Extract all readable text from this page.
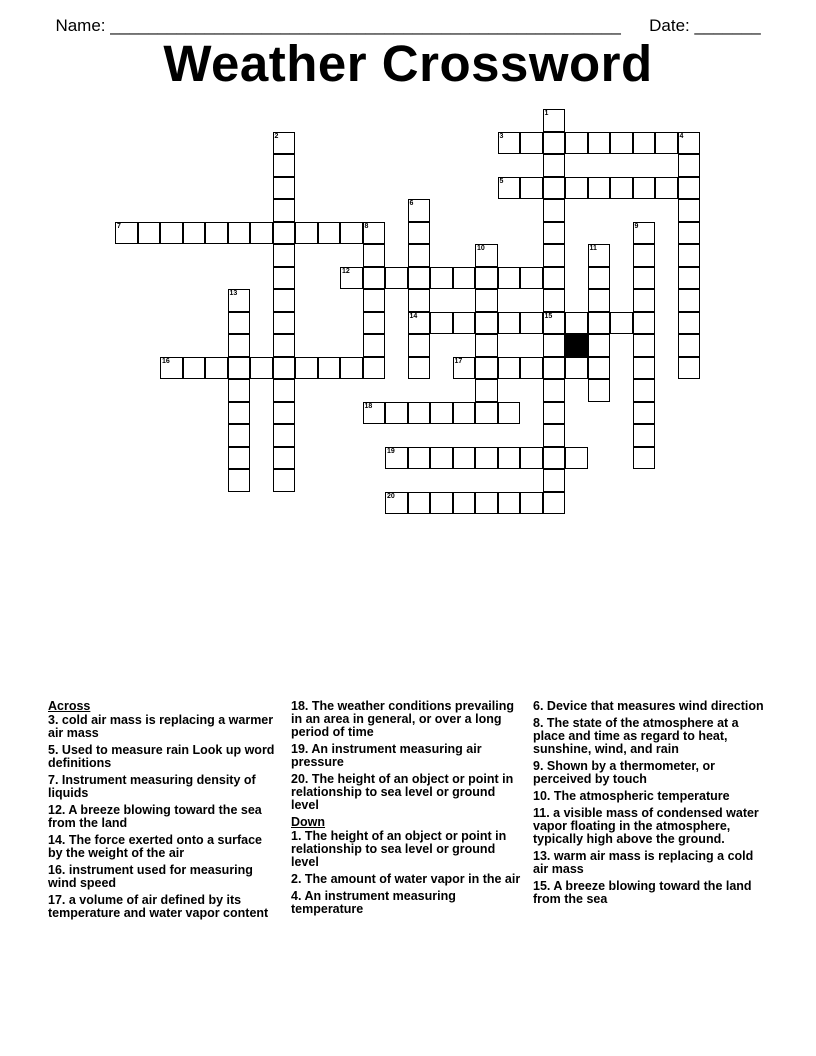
Name: ______________________________________________________ Date: _______

Weather Crossword
1
2	3	4
5
6
7	8	9
10	11
12
13
14	15
16	17
18
19
20
Across
3. cold air mass is replacing a warmer air mass
5. Used to measure rain Look up word definitions
7. Instrument measuring density of liquids
12. A breeze blowing toward the sea from the land
14. The force exerted onto a surface by the weight of the air
16. instrument used for measuring wind speed
17. a volume of air defined by its temperature and water vapor content
18. The weather conditions prevailing in an area in general, or over a long period of time
19. An instrument measuring air pressure
20. The height of an object or point in relationship to sea level or ground level
Down
1. The height of an object or point in relationship to sea level or ground level
2. The amount of water vapor in the air
4. An instrument measuring temperature
6. Device that measures wind direction
8. The state of the atmosphere at a place and time as regard to heat, sunshine, wind, and rain
9. Shown by a thermometer, or perceived by touch
10. The atmospheric temperature
11. a visible mass of condensed water vapor floating in the atmosphere, typically high above the ground.
13. warm air mass is replacing a cold air mass
15. A breeze blowing toward the land from the sea
